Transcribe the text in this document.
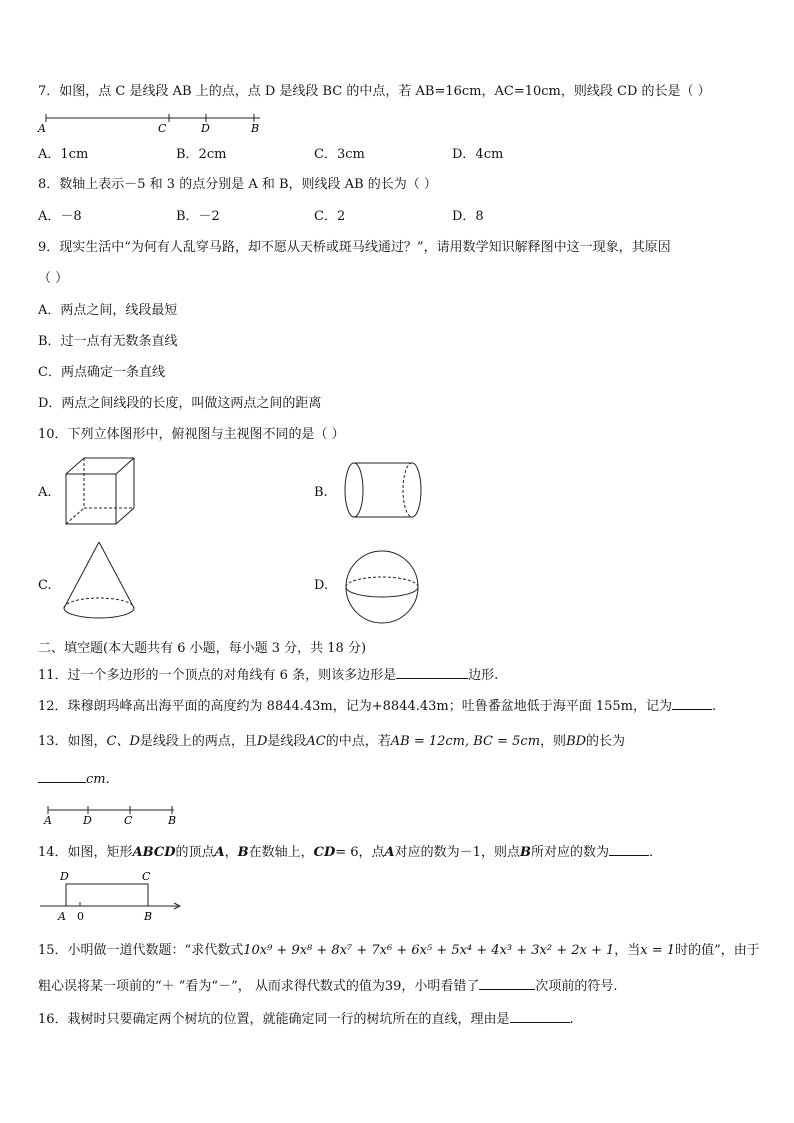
7．如图，点 C 是线段 AB 上的点，点 D 是线段 BC 的中点，若 AB=16cm，AC=10cm，则线段 CD 的长是（ ）
A	C	D	B
A．1cm	B．2cm	C．3cm	D．4cm
8．数轴上表示－5 和 3 的点分别是 A 和 B，则线段 AB 的长为（ ）
A．－8	B．－2	C．2	D．8
9．现实生活中“为何有人乱穿马路，却不愿从天桥或斑马线通过？”，请用数学知识解释图中这一现象，其原因
（ ）
A．两点之间，线段最短
B．过一点有无数条直线
C．两点确定一条直线
D．两点之间线段的长度，叫做这两点之间的距离
10．下列立体图形中，俯视图与主视图不同的是（ ）
A.	B.
C.	D.
二、填空题(本大题共有 6 小题，每小题 3 分，共 18 分)
11．过一个多边形的一个顶点的对角线有 6 条，则该多边形是	边形.
12．珠穆朗玛峰高出海平面的高度约为 8844.43m，记为+8844.43m；吐鲁番盆地低于海平面 155m，记为	.
13．如图，C、D是线段上的两点，且D是线段AC的中点，若AB = 12cm, BC = 5cm，则BD的长为
cm.
A	D	C	B
14．如图，矩形ABCD的顶点A，B在数轴上，CD= 6，点A对应的数为－1，则点B所对应的数为	.
D	C
A 0	B
15．小明做一道代数题：“求代数式10x⁹ + 9x⁸ + 8x⁷ + 7x⁶ + 6x⁵ + 5x⁴ + 4x³ + 3x² + 2x + 1，当x = 1时的值”，由于
粗心误将某一项前的“＋ ”看为“－”， 从而求得代数式的值为39，小明看错了	次项前的符号.
16．栽树时只要确定两个树坑的位置，就能确定同一行的树坑所在的直线，理由是	.
